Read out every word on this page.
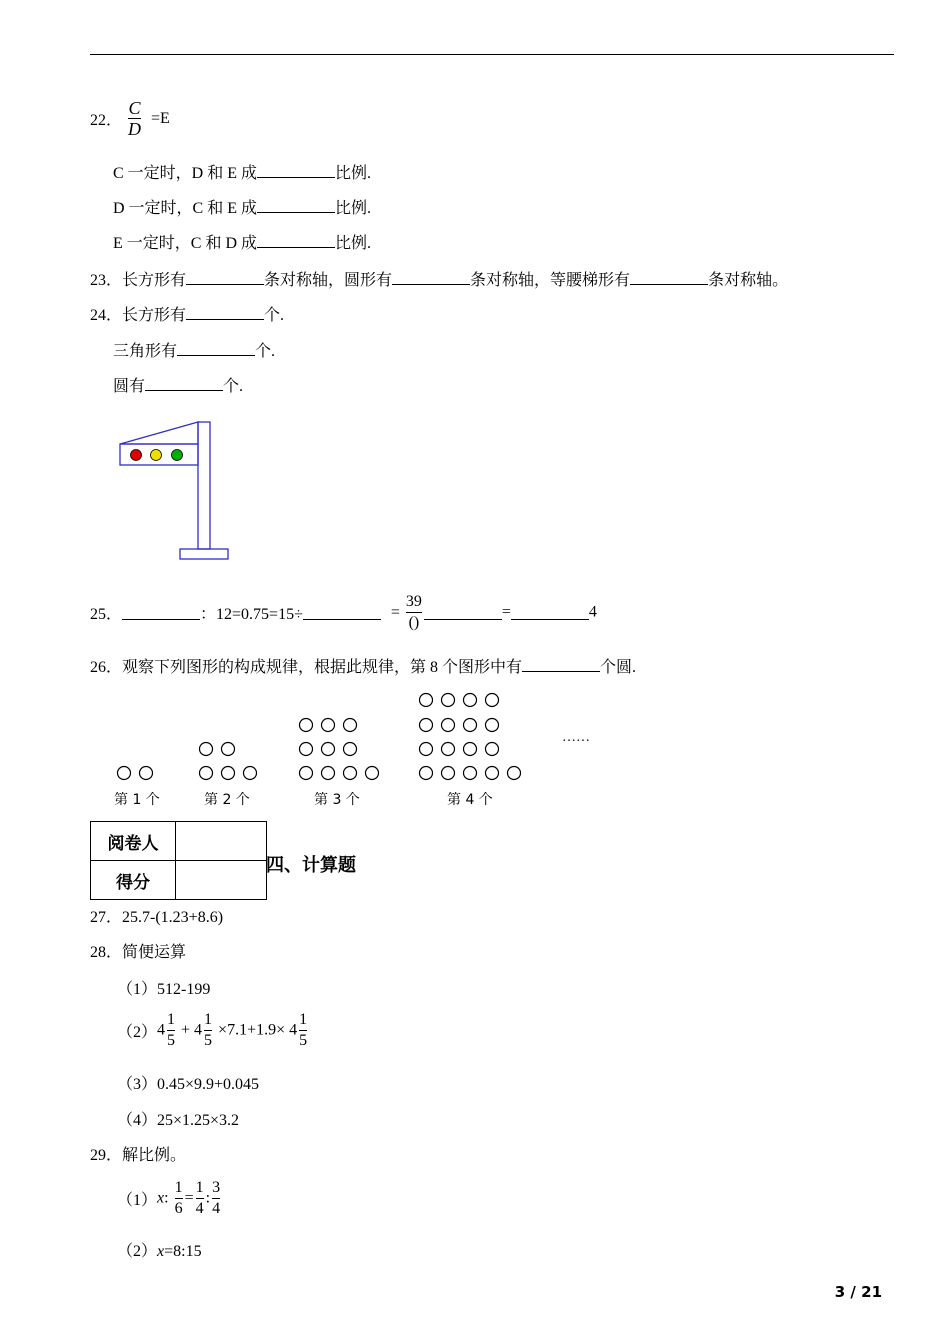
22． $\frac{C}{D} =E$
C 一定时，D 和 E 成	比例.
D 一定时，C 和 E 成	比例.
E 一定时，C 和 D 成	比例.
23．长方形有	条对称轴，圆形有	条对称轴，等腰梯形有	条对称轴。
24．长方形有	个.
三角形有	个.
圆有	个.
25．	：12=0.75=15÷	= $\frac{39}{()}$	=	4
26．观察下列图形的构成规律，根据此规律，第 8 个图形中有	个圆.
第 1 个	第 2 个	第 3 个	第 4 个
……
阅卷人	
得分	
四、计算题
27．25.7-(1.23+8.6)
28．简便运算
（1）512-199
$(2)4 \frac{1}{5} + 4 \frac{1}{5} \times 7.1+1.9\times 4 \frac{1}{5}$
（3）0.45×9.9+0.045
（4）25×1.25×3.2
29．解比例。
（1）x: $\frac{1}{6} = \frac{1}{4}$ : $\frac{3}{4}$
（2）x=8:15
3 / 21
